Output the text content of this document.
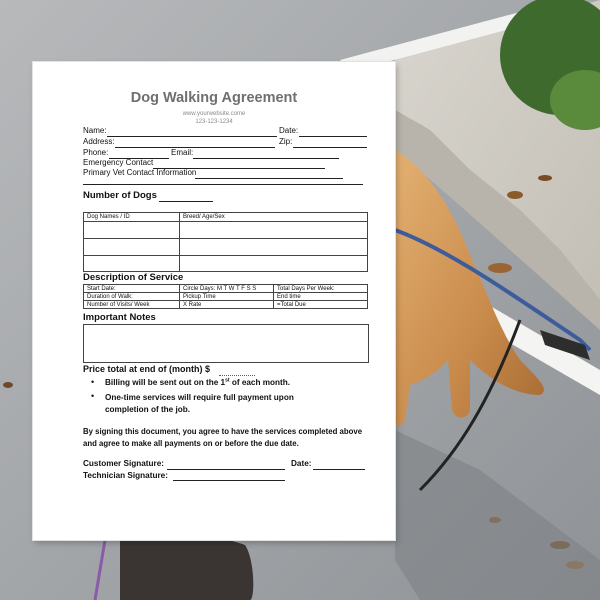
Dog Walking Agreement
www.yourwebsite.come
123-123-1234
Name:	Date:
Address:	Zip:
Phone:	Email:
Emergency Contact
Primary Vet Contact Information
Number of Dogs
Dog Names / ID	Breed/ Age/Sex

Description of Service
Start Date:	Circle Days: M T W T F S S	Total Days Per Week:
Duration of Walk:	Pickup Time	End time
Number of Visits/ Week	X Rate	=Total Due
Important Notes
Price total at end of (month) $
• Billing will be sent out on the 1st of each month.
• One-time services will require full payment upon completion of the job.
By signing this document, you agree to have the services completed above and agree to make all payments on or before the due date.
Customer Signature:	Date:
Technician Signature:
